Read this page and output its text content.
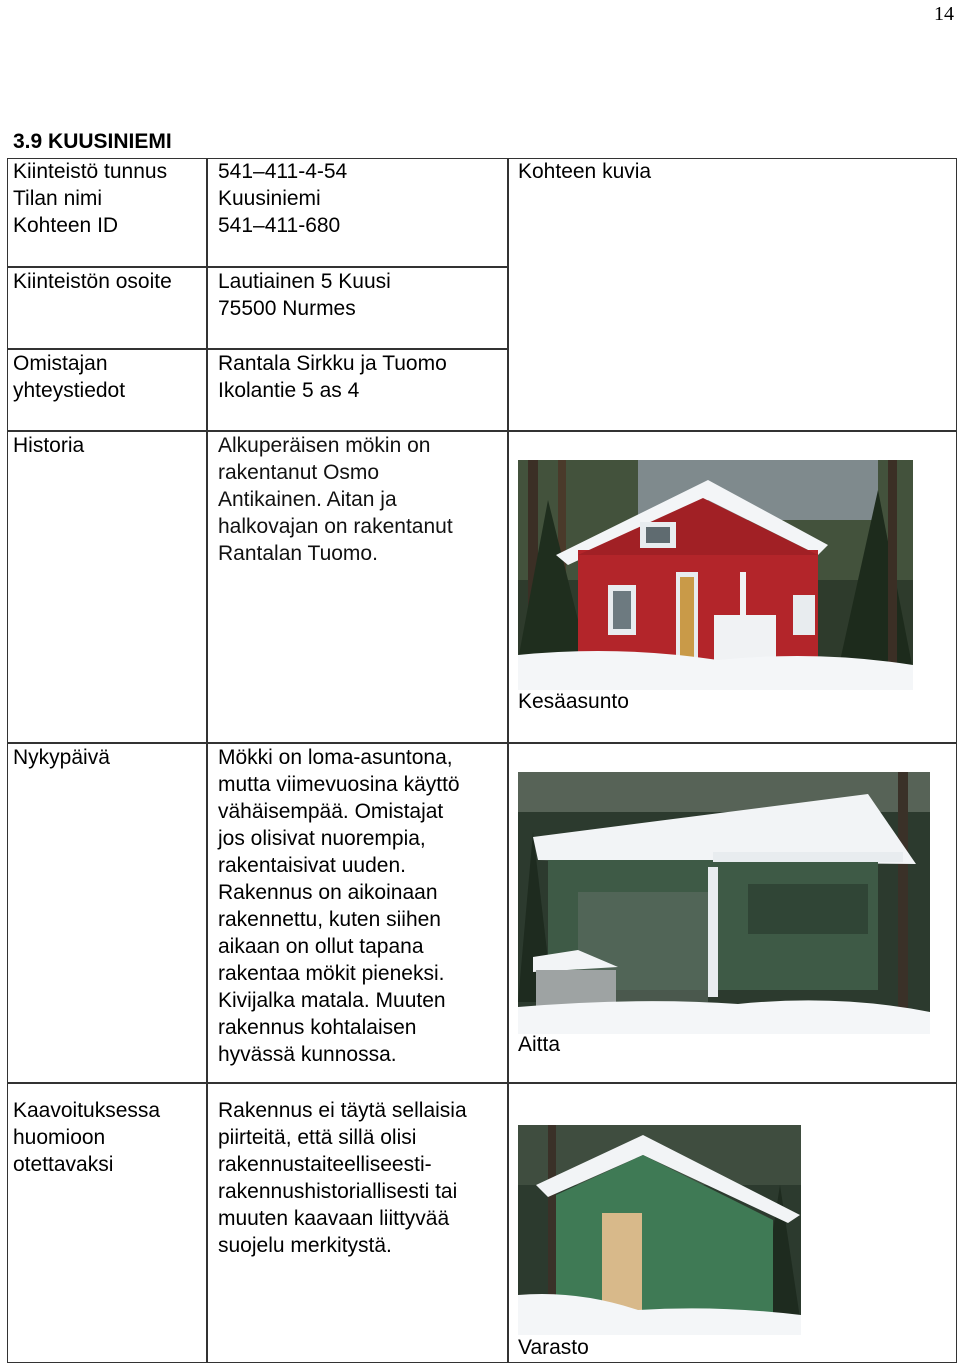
14
3.9 KUUSINIEMI
Kiinteistö tunnus
Tilan nimi
Kohteen ID
541–411-4-54
Kuusiniemi
541–411-680
Kohteen kuvia
Kiinteistön osoite Lautiainen 5 Kuusi
75500 Nurmes
Omistajan
yhteystiedot
Rantala Sirkku ja Tuomo
Ikolantie 5 as 4
Historia	Alkuperäisen mökin on
rakentanut Osmo
Antikainen. Aitan ja
halkovajan on rakentanut
Rantalan Tuomo.
Nykypäivä	Mökki on loma-asuntona,
mutta viimevuosina käyttö
vähäisempää. Omistajat
jos olisivat nuorempia,
rakentaisivat uuden.
Rakennus on aikoinaan
rakennettu, kuten siihen
aikaan on ollut tapana
rakentaa mökit pieneksi.
Kivijalka matala. Muuten
rakennus kohtalaisen
hyvässä kunnossa.
Kaavoituksessa
huomioon
otettavaksi
Rakennus ei täytä sellaisia
piirteitä, että sillä olisi
rakennustaiteelliseesti-
rakennushistoriallisesti tai
muuten kaavaan liittyvää
suojelu merkitystä.
Kesäasunto
Aitta
Varasto
